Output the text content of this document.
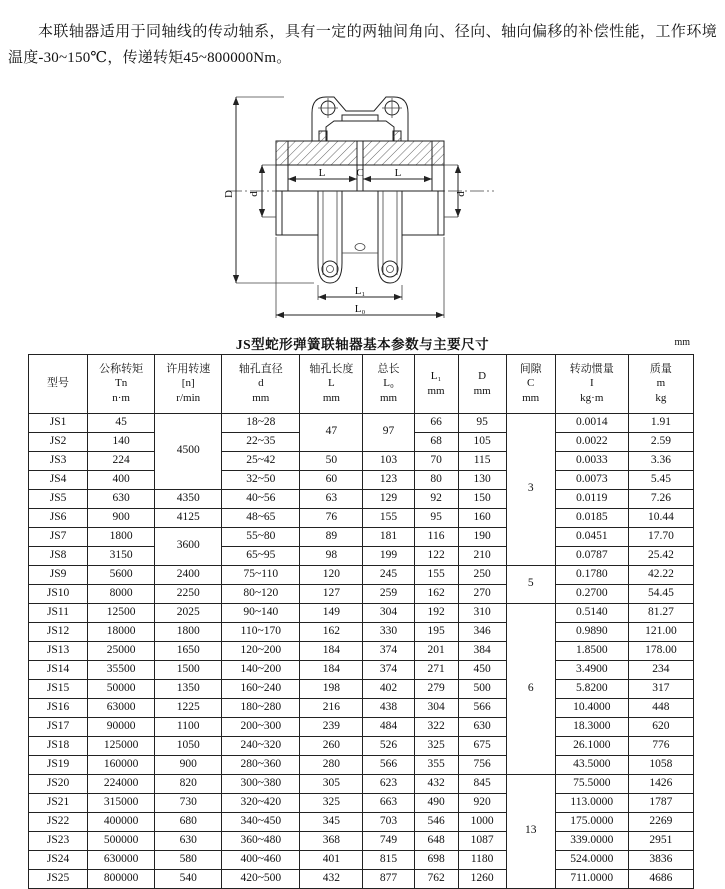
本联轴器适用于同轴线的传动轴系，具有一定的两轴间角向、径向、轴向偏移的补偿性能，工作环境温度-30~150℃，传递转矩45~800000Nm。

D d	d
L	C	L
L₁
L₀
JS型蛇形弹簧联轴器基本参数与主要尺寸	mm
型号	公称转矩
Tn
n·m	许用转速
[n]
r/min	轴孔直径
d
mm	轴孔长度
L
mm	总长
L₀
mm	L₁
mm	D
mm	间隙
C
mm	转动惯量
I
kg·m	质量
m
kg
JS1	45	4500	18~28	47	97	66	95	3	0.0014	1.91
JS2	140		22~35			68	105		0.0022	2.59
JS3	224		25~42	50	103	70	115		0.0033	3.36
JS4	400		32~50	60	123	80	130		0.0073	5.45
JS5	630	4350	40~56	63	129	92	150		0.0119	7.26
JS6	900	4125	48~65	76	155	95	160		0.0185	10.44
JS7	1800	3600	55~80	89	181	116	190		0.0451	17.70
JS8	3150		65~95	98	199	122	210		0.0787	25.42
JS9	5600	2400	75~110	120	245	155	250	5	0.1780	42.22
JS10	8000	2250	80~120	127	259	162	270		0.2700	54.45
JS11	12500	2025	90~140	149	304	192	310	6	0.5140	81.27
JS12	18000	1800	110~170	162	330	195	346		0.9890	121.00
JS13	25000	1650	120~200	184	374	201	384		1.8500	178.00
JS14	35500	1500	140~200	184	374	271	450		3.4900	234
JS15	50000	1350	160~240	198	402	279	500		5.8200	317
JS16	63000	1225	180~280	216	438	304	566		10.4000	448
JS17	90000	1100	200~300	239	484	322	630		18.3000	620
JS18	125000	1050	240~320	260	526	325	675		26.1000	776
JS19	160000	900	280~360	280	566	355	756		43.5000	1058
JS20	224000	820	300~380	305	623	432	845	13	75.5000	1426
JS21	315000	730	320~420	325	663	490	920		113.0000	1787
JS22	400000	680	340~450	345	703	546	1000		175.0000	2269
JS23	500000	630	360~480	368	749	648	1087		339.0000	2951
JS24	630000	580	400~460	401	815	698	1180		524.0000	3836
JS25	800000	540	420~500	432	877	762	1260		711.0000	4686
